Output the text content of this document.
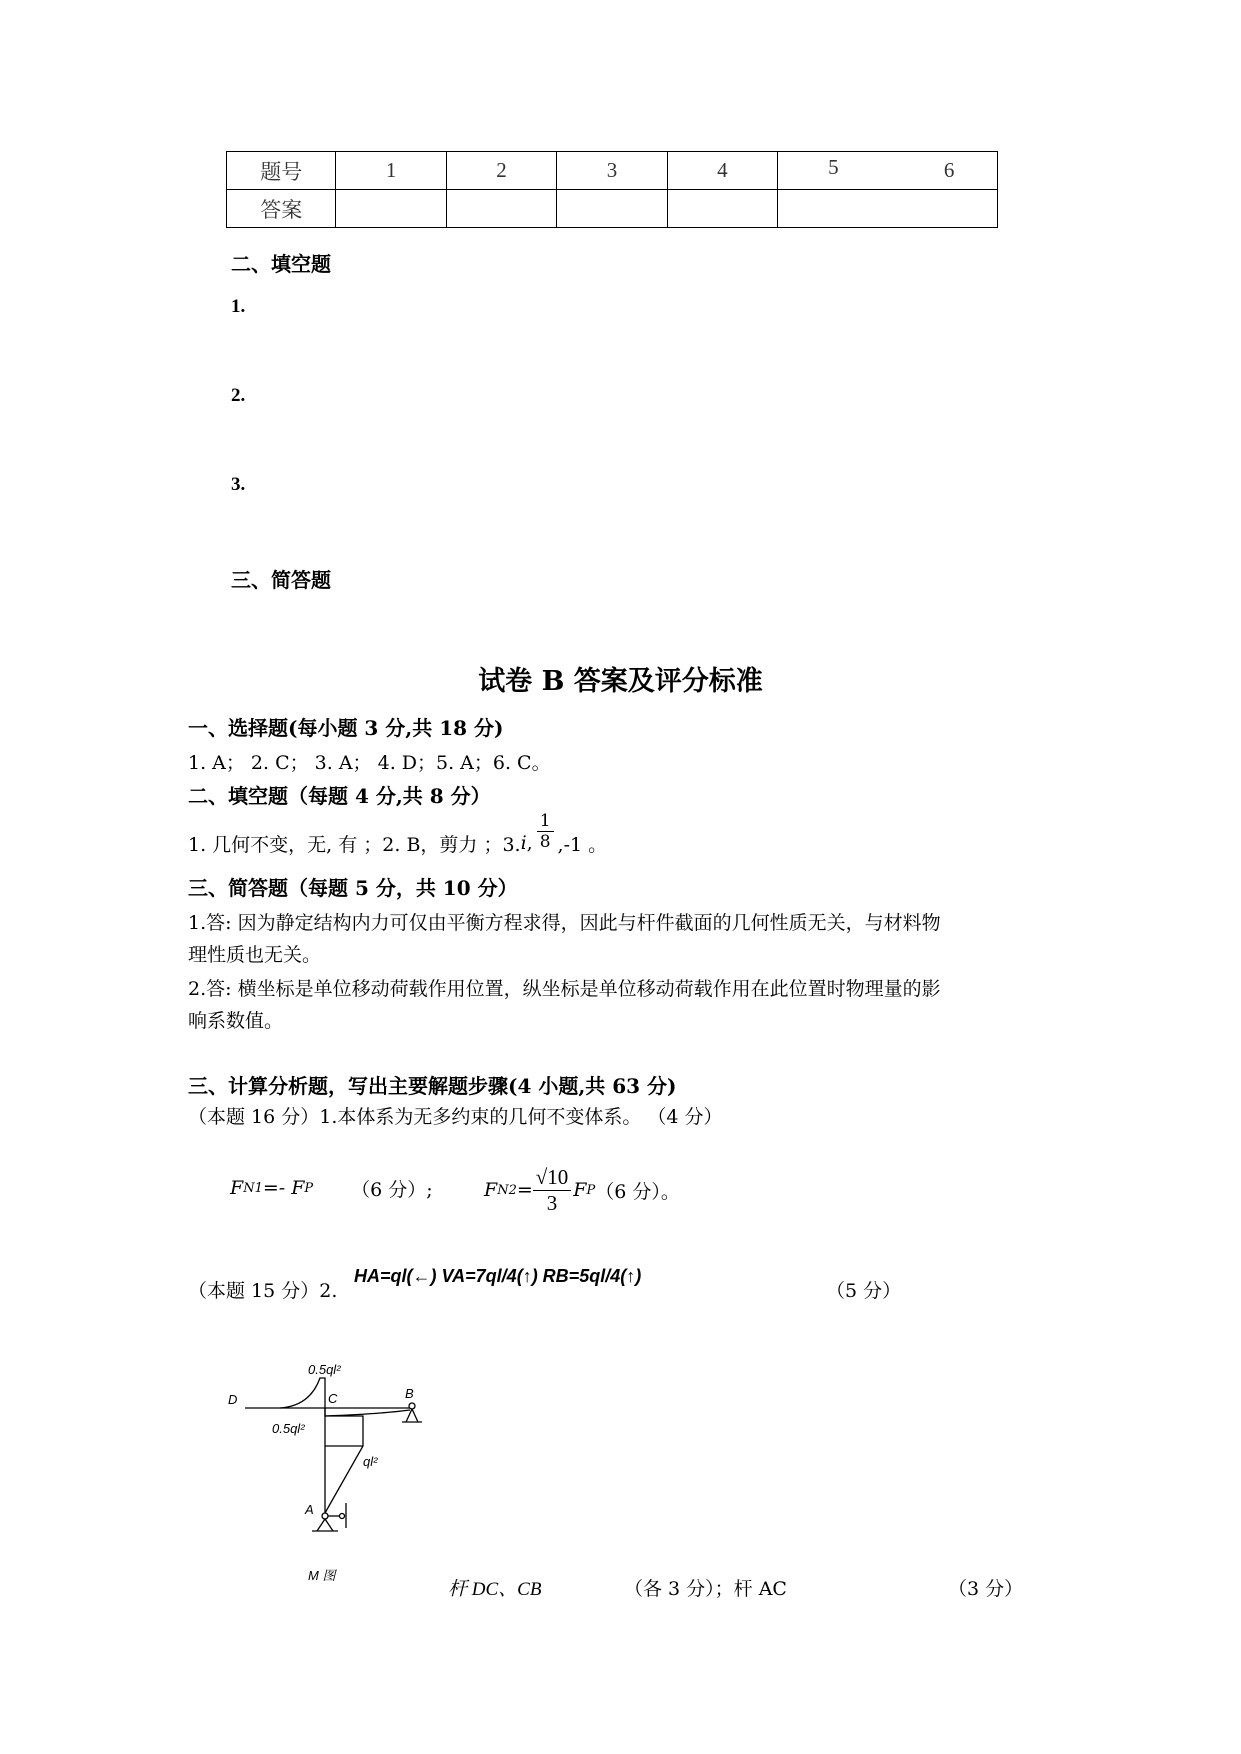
题号	1	2	3	4	5 6
答案					
二、填空题
1.
2.
3.
三、简答题
试卷 B 答案及评分标准
一、选择题(每小题 3 分,共 18 分)
1. A； 2. C； 3. A； 4. D；5. A；6. C。
二、填空题（每题 4 分,共 8 分）
1. 几何不变，无, 有 ；2. B，剪力 ；3. i , $\frac{1}{8} ,-1$ 。
三、简答题（每题 5 分，共 10 分）
1.答: 因为静定结构内力可仅由平衡方程求得，因此与杆件截面的几何性质无关，与材料物
理性质也无关。
2.答: 横坐标是单位移动荷载作用位置，纵坐标是单位移动荷载作用在此位置时物理量的影
响系数值。
三、计算分析题，写出主要解题步骤(4 小题,共 63 分)
（本题 16 分）1.本体系为无多约束的几何不变体系。 （4 分）
F N1 =- F P （6 分）;	F $N2 = \frac{√10}{3}$ F P （6 分）。
（本题 15 分）2.
HA=ql(←) VA=7ql/4(↑) RB=5ql/4(↑)
（5 分）
0.5ql²
0.5ql²
ql²
D	C	B
A
M 图
杆 DC、CB	（各 3 分）；杆 AC	（3 分）
